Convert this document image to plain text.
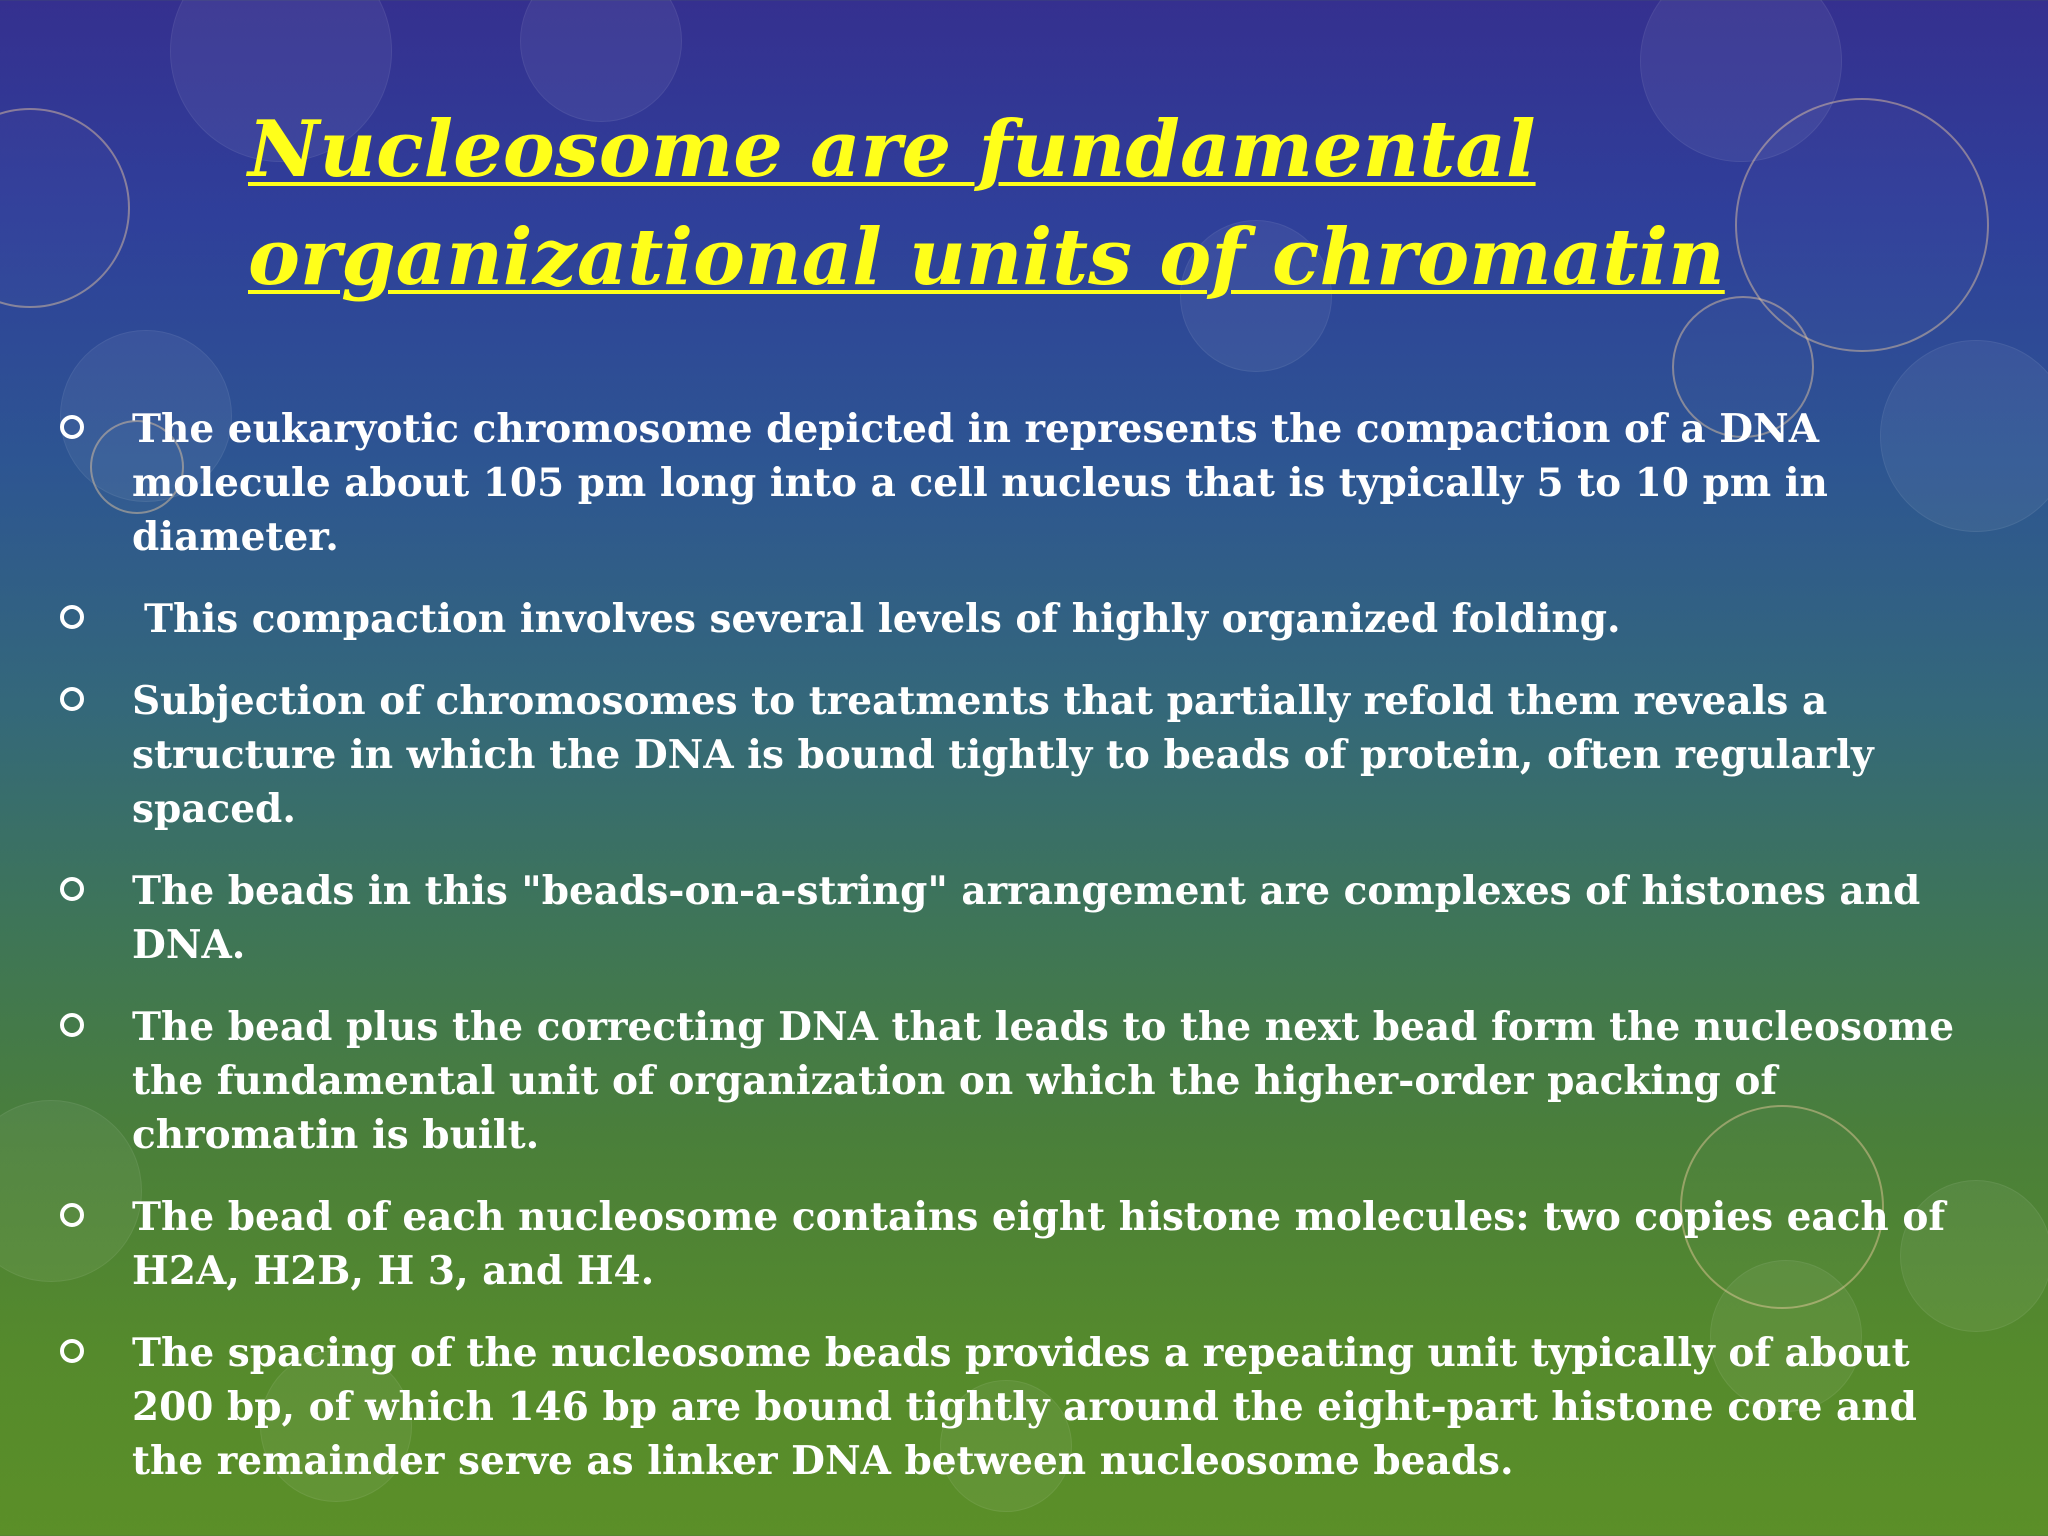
Nucleosome are fundamental organizational units of chromatin
The eukaryotic chromosome depicted in represents the compaction of a DNA molecule about 105 pm long into a cell nucleus that is typically 5 to 10 pm in diameter.
This compaction involves several levels of highly organized folding.
Subjection of chromosomes to treatments that partially refold them reveals a structure in which the DNA is bound tightly to beads of protein, often regularly spaced.
The beads in this "beads-on-a-string" arrangement are complexes of histones and DNA.
The bead plus the correcting DNA that leads to the next bead form the nucleosome the fundamental unit of organization on which the higher-order packing of chromatin is built.
The bead of each nucleosome contains eight histone molecules: two copies each of H2A, H2B, H 3, and H4.
The spacing of the nucleosome beads provides a repeating unit typically of about 200 bp, of which 146 bp are bound tightly around the eight-part histone core and the remainder serve as linker DNA between nucleosome beads.
